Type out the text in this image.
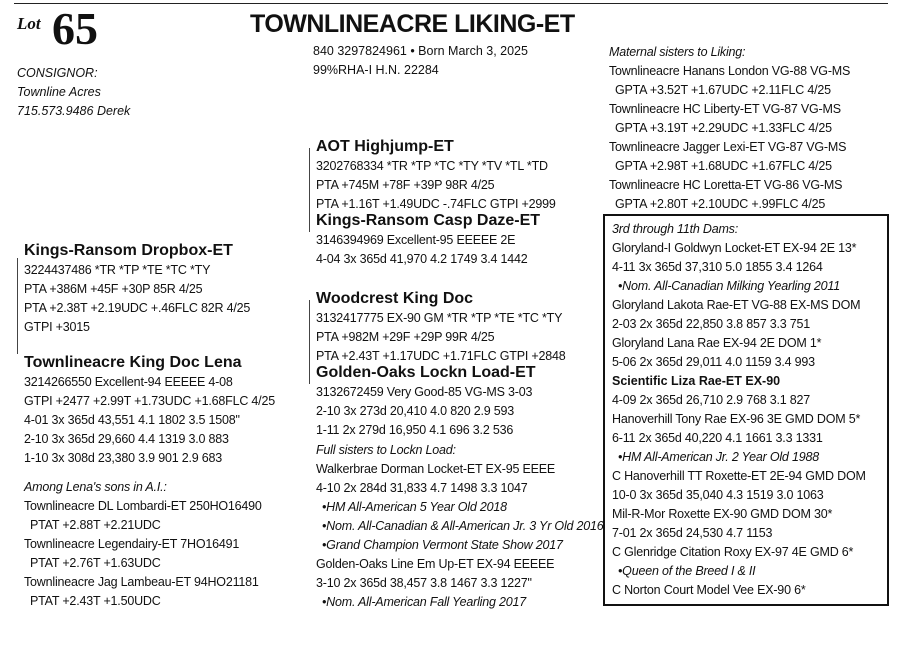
Lot 65	TOWNLINEACRE LIKING-ET
CONSIGNOR:
Townline Acres
715.573.9486 Derek
840 3297824961 • Born March 3, 2025
99%RHA-I H.N. 22284
Kings-Ransom Dropbox-ET
3224437486 *TR *TP *TE *TC *TY
PTA +386M +45F +30P 85R 4/25
PTA +2.38T +2.19UDC +.46FLC 82R 4/25
GTPI +3015
Townlineacre King Doc Lena
3214266550 Excellent-94 EEEEE 4-08
GTPI +2477 +2.99T +1.73UDC +1.68FLC 4/25
4-01 3x 365d 43,551 4.1 1802 3.5 1508"
2-10 3x 365d 29,660 4.4 1319 3.0 883
1-10 3x 308d 23,380 3.9 901 2.9 683
Among Lena's sons in A.I.:
Townlineacre DL Lombardi-ET 250HO16490
PTAT +2.88T +2.21UDC
Townlineacre Legendairy-ET 7HO16491
PTAT +2.76T +1.63UDC
Townlineacre Jag Lambeau-ET 94HO21181
PTAT +2.43T +1.50UDC
AOT Highjump-ET
3202768334 *TR *TP *TC *TY *TV *TL *TD
PTA +745M +78F +39P 98R 4/25
PTA +1.16T +1.49UDC -.74FLC GTPI +2999
Kings-Ransom Casp Daze-ET
3146394969 Excellent-95 EEEEE 2E
4-04 3x 365d 41,970 4.2 1749 3.4 1442
Woodcrest King Doc
3132417775 EX-90 GM *TR *TP *TE *TC *TY
PTA +982M +29F +29P 99R 4/25
PTA +2.43T +1.17UDC +1.71FLC GTPI +2848
Golden-Oaks Lockn Load-ET
3132672459 Very Good-85 VG-MS 3-03
2-10 3x 273d 20,410 4.0 820 2.9 593
1-11 2x 279d 16,950 4.1 696 3.2 536
Full sisters to Lockn Load:
Walkerbrae Dorman Locket-ET EX-95 EEEE
4-10 2x 284d 31,833 4.7 1498 3.3 1047
•HM All-American 5 Year Old 2018
•Nom. All-Canadian & All-American Jr. 3 Yr Old 2016
•Grand Champion Vermont State Show 2017
Golden-Oaks Line Em Up-ET EX-94 EEEEE
3-10 2x 365d 38,457 3.8 1467 3.3 1227"
•Nom. All-American Fall Yearling 2017
Maternal sisters to Liking:
Townlineacre Hanans London VG-88 VG-MS
GPTA +3.52T +1.67UDC +2.11FLC 4/25
Townlineacre HC Liberty-ET VG-87 VG-MS
GPTA +3.19T +2.29UDC +1.33FLC 4/25
Townlineacre Jagger Lexi-ET VG-87 VG-MS
GPTA +2.98T +1.68UDC +1.67FLC 4/25
Townlineacre HC Loretta-ET VG-86 VG-MS
GPTA +2.80T +2.10UDC +.99FLC 4/25
3rd through 11th Dams:
Gloryland-I Goldwyn Locket-ET EX-94 2E 13*
4-11 3x 365d 37,310 5.0 1855 3.4 1264
•Nom. All-Canadian Milking Yearling 2011
Gloryland Lakota Rae-ET VG-88 EX-MS DOM
2-03 2x 365d 22,850 3.8 857 3.3 751
Gloryland Lana Rae EX-94 2E DOM 1*
5-06 2x 365d 29,011 4.0 1159 3.4 993
Scientific Liza Rae-ET EX-90
4-09 2x 365d 26,710 2.9 768 3.1 827
Hanoverhill Tony Rae EX-96 3E GMD DOM 5*
6-11 2x 365d 40,220 4.1 1661 3.3 1331
•HM All-American Jr. 2 Year Old 1988
C Hanoverhill TT Roxette-ET 2E-94 GMD DOM
10-0 3x 365d 35,040 4.3 1519 3.0 1063
Mil-R-Mor Roxette EX-90 GMD DOM 30*
7-01 2x 365d 24,530 4.7 1153
C Glenridge Citation Roxy EX-97 4E GMD 6*
•Queen of the Breed I & II
C Norton Court Model Vee EX-90 6*
